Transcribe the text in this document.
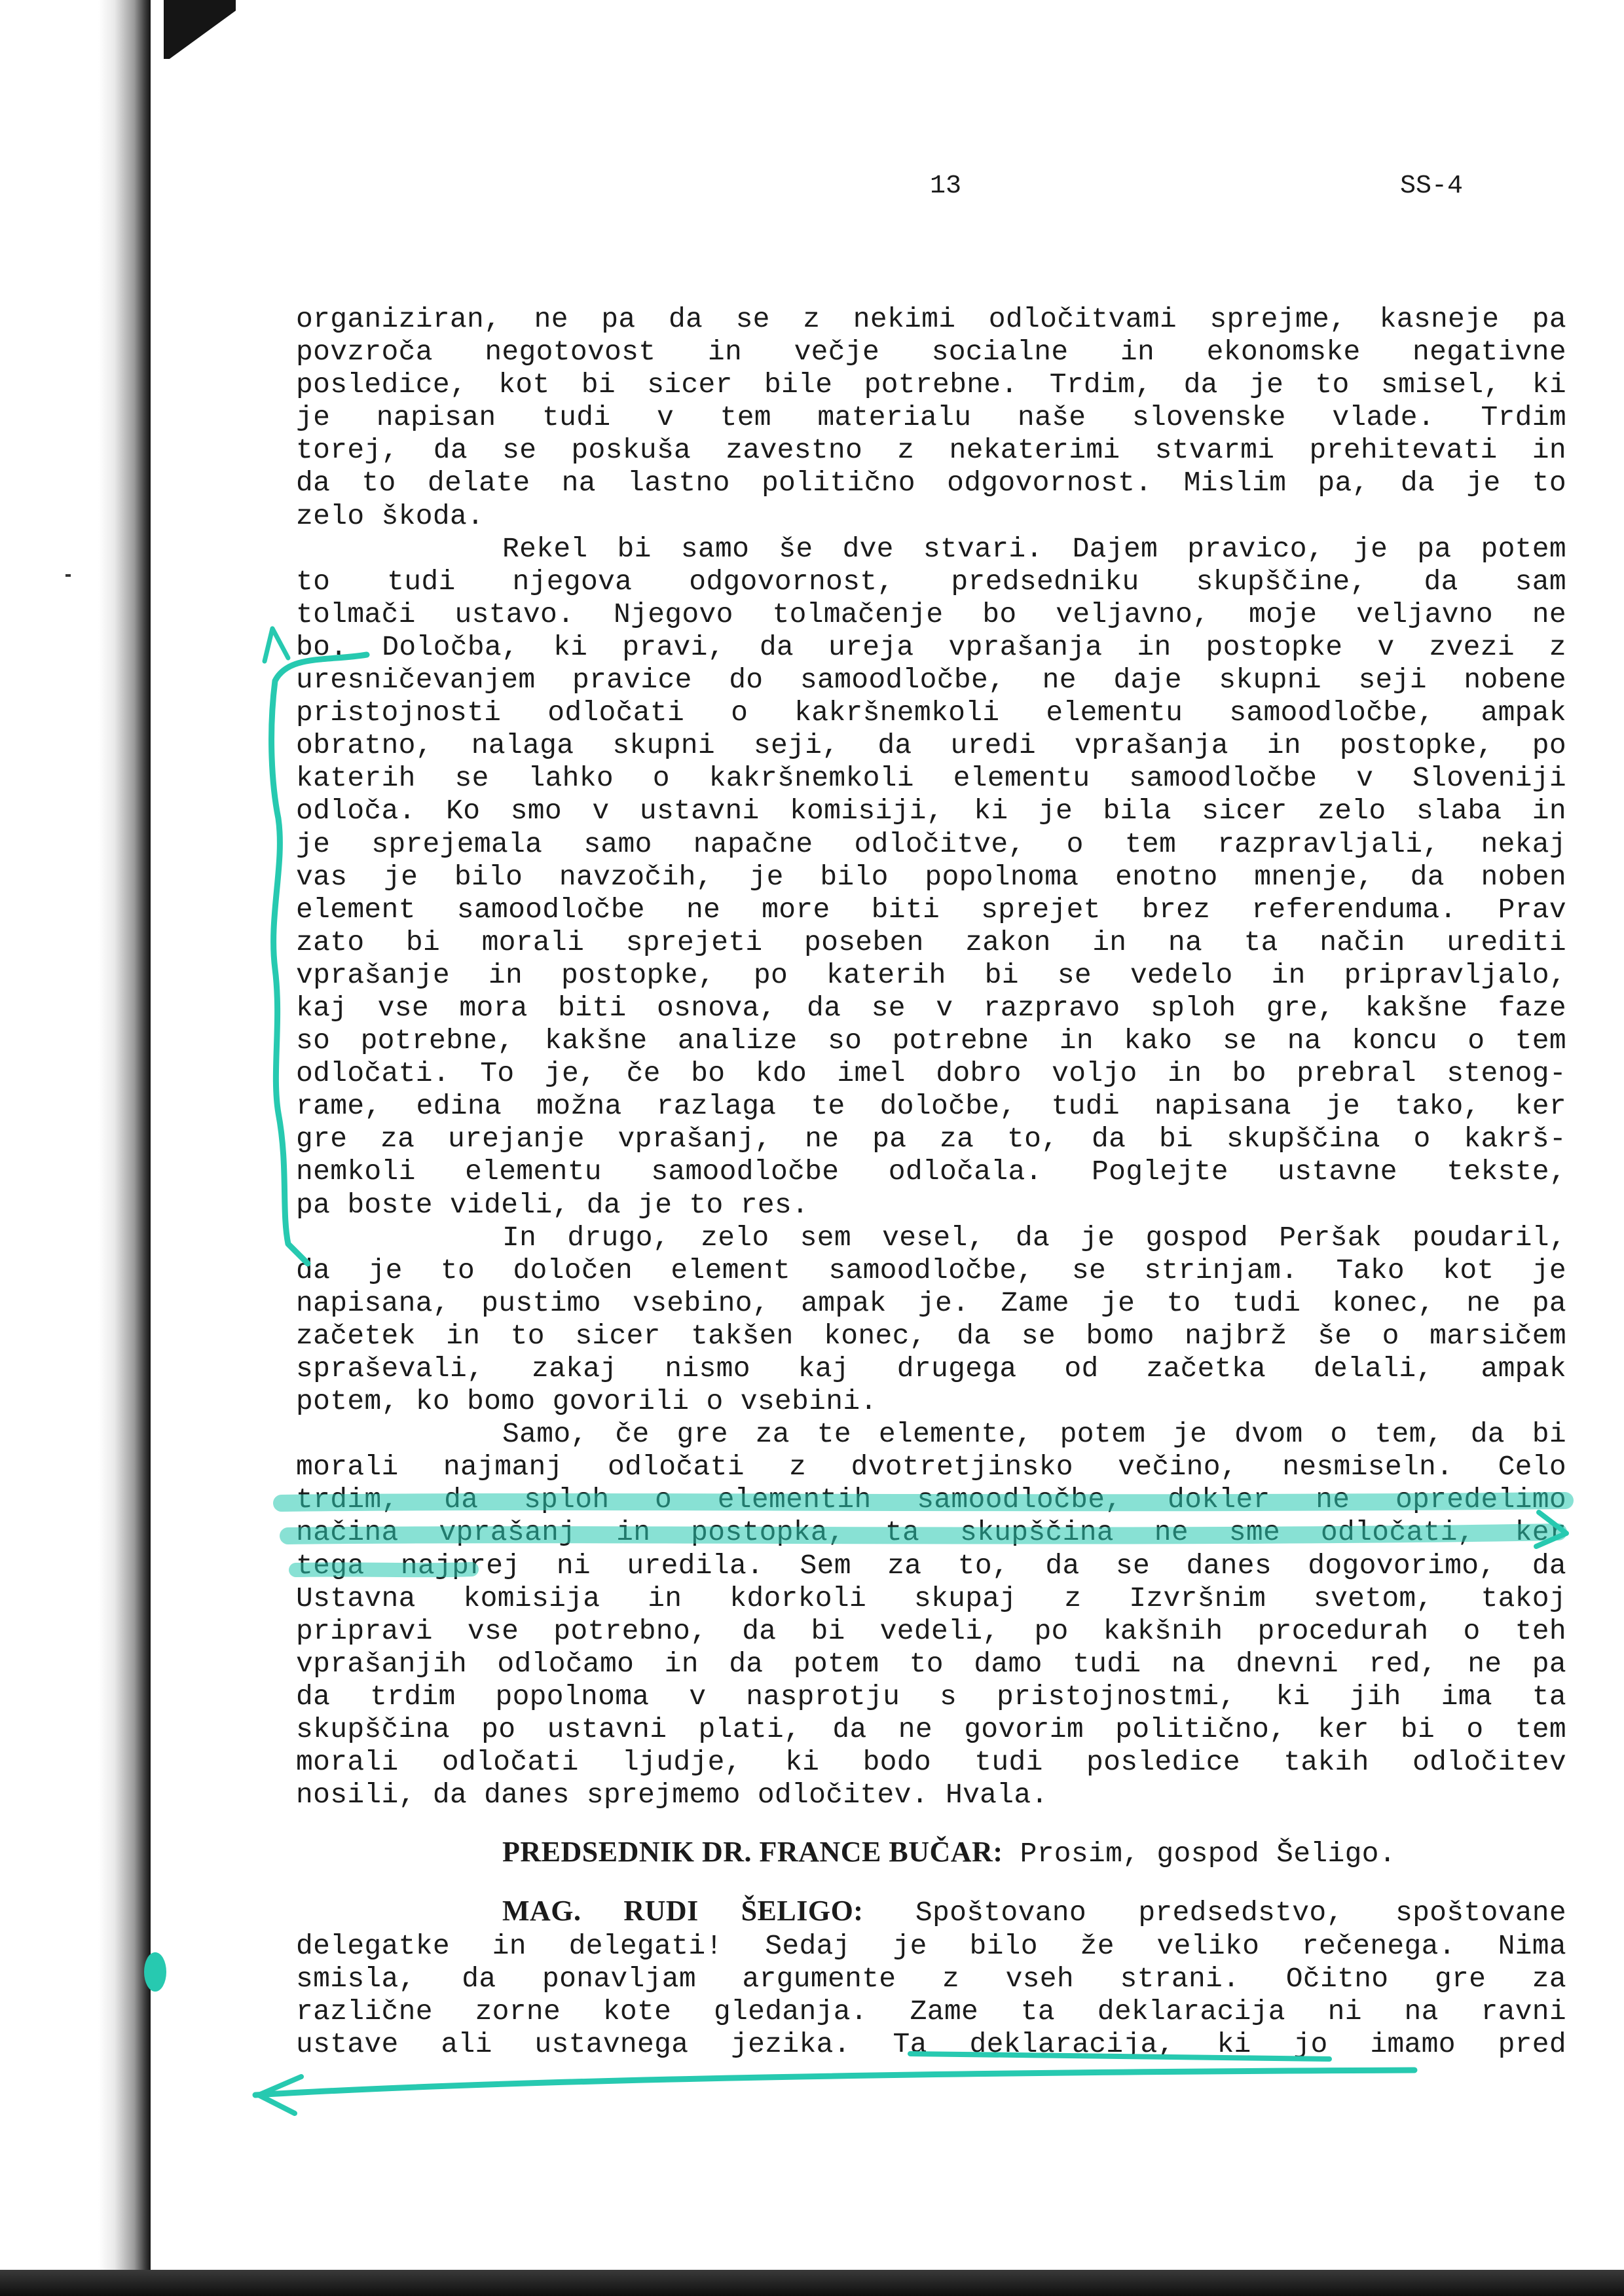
13	SS-4

organiziran, ne pa da se z nekimi odločitvami sprejme, kasneje pa
povzroča negotovost in večje socialne in ekonomske negativne
posledice, kot bi sicer bile potrebne. Trdim, da je to smisel, ki
je napisan tudi v tem materialu naše slovenske vlade. Trdim
torej, da se poskuša zavestno z nekaterimi stvarmi prehitevati in
da to delate na lastno politično odgovornost. Mislim pa, da je to

zelo škoda.

Rekel bi samo še dve stvari. Dajem pravico, je pa potem

to tudi njegova odgovornost, predsedniku skupščine, da sam
tolmači ustavo. Njegovo tolmačenje bo veljavno, moje veljavno ne
bo. Določba, ki pravi, da ureja vprašanja in postopke v zvezi z
uresničevanjem pravice do samoodločbe, ne daje skupni seji nobene
pristojnosti odločati o kakršnemkoli elementu samoodločbe, ampak
obratno, nalaga skupni seji, da uredi vprašanja in postopke, po
katerih se lahko o kakršnemkoli elementu samoodločbe v Sloveniji
odloča. Ko smo v ustavni komisiji, ki je bila sicer zelo slaba in
je sprejemala samo napačne odločitve, o tem razpravljali, nekaj
vas je bilo navzočih, je bilo popolnoma enotno mnenje, da noben
element samoodločbe ne more biti sprejet brez referenduma. Prav
zato bi morali sprejeti poseben zakon in na ta način urediti
vprašanje in postopke, po katerih bi se vedelo in pripravljalo,
kaj vse mora biti osnova, da se v razpravo sploh gre, kakšne faze
so potrebne, kakšne analize so potrebne in kako se na koncu o tem
odločati. To je, če bo kdo imel dobro voljo in bo prebral stenog-
rame, edina možna razlaga te določbe, tudi napisana je tako, ker
gre za urejanje vprašanj, ne pa za to, da bi skupščina o kakrš-
nemkoli elementu samoodločbe odločala. Poglejte ustavne tekste,

pa boste videli, da je to res.

In drugo, zelo sem vesel, da je gospod Peršak poudaril,

da je to določen element samoodločbe, se strinjam. Tako kot je
napisana, pustimo vsebino, ampak je. Zame je to tudi konec, ne pa
začetek in to sicer takšen konec, da se bomo najbrž še o marsičem
spraševali, zakaj nismo kaj drugega od začetka delali, ampak

potem, ko bomo govorili o vsebini.

Samo, če gre za te elemente, potem je dvom o tem, da bi

morali najmanj odločati z dvotretjinsko večino, nesmiseln. Celo
trdim, da sploh o elementih samoodločbe, dokler ne opredelimo
načina vprašanj in postopka, ta skupščina ne sme odločati, ker
tega najprej ni uredila. Sem za to, da se danes dogovorimo, da
Ustavna komisija in kdorkoli skupaj z Izvršnim svetom, takoj
pripravi vse potrebno, da bi vedeli, po kakšnih procedurah o teh
vprašanjih odločamo in da potem to damo tudi na dnevni red, ne pa
da trdim popolnoma v nasprotju s pristojnostmi, ki jih ima ta
skupščina po ustavni plati, da ne govorim politično, ker bi o tem
morali odločati ljudje, ki bodo tudi posledice takih odločitev

nosili, da danes sprejmemo odločitev. Hvala.

PREDSEDNIK DR. FRANCE BUČAR: Prosim, gospod Šeligo.

MAG. RUDI ŠELIGO: Spoštovano predsedstvo, spoštovane

delegatke in delegati! Sedaj je bilo že veliko rečenega. Nima
smisla, da ponavljam argumente z vseh strani. Očitno gre za
različne zorne kote gledanja. Zame ta deklaracija ni na ravni
ustave ali ustavnega jezika. Ta deklaracija, ki jo imamo pred
